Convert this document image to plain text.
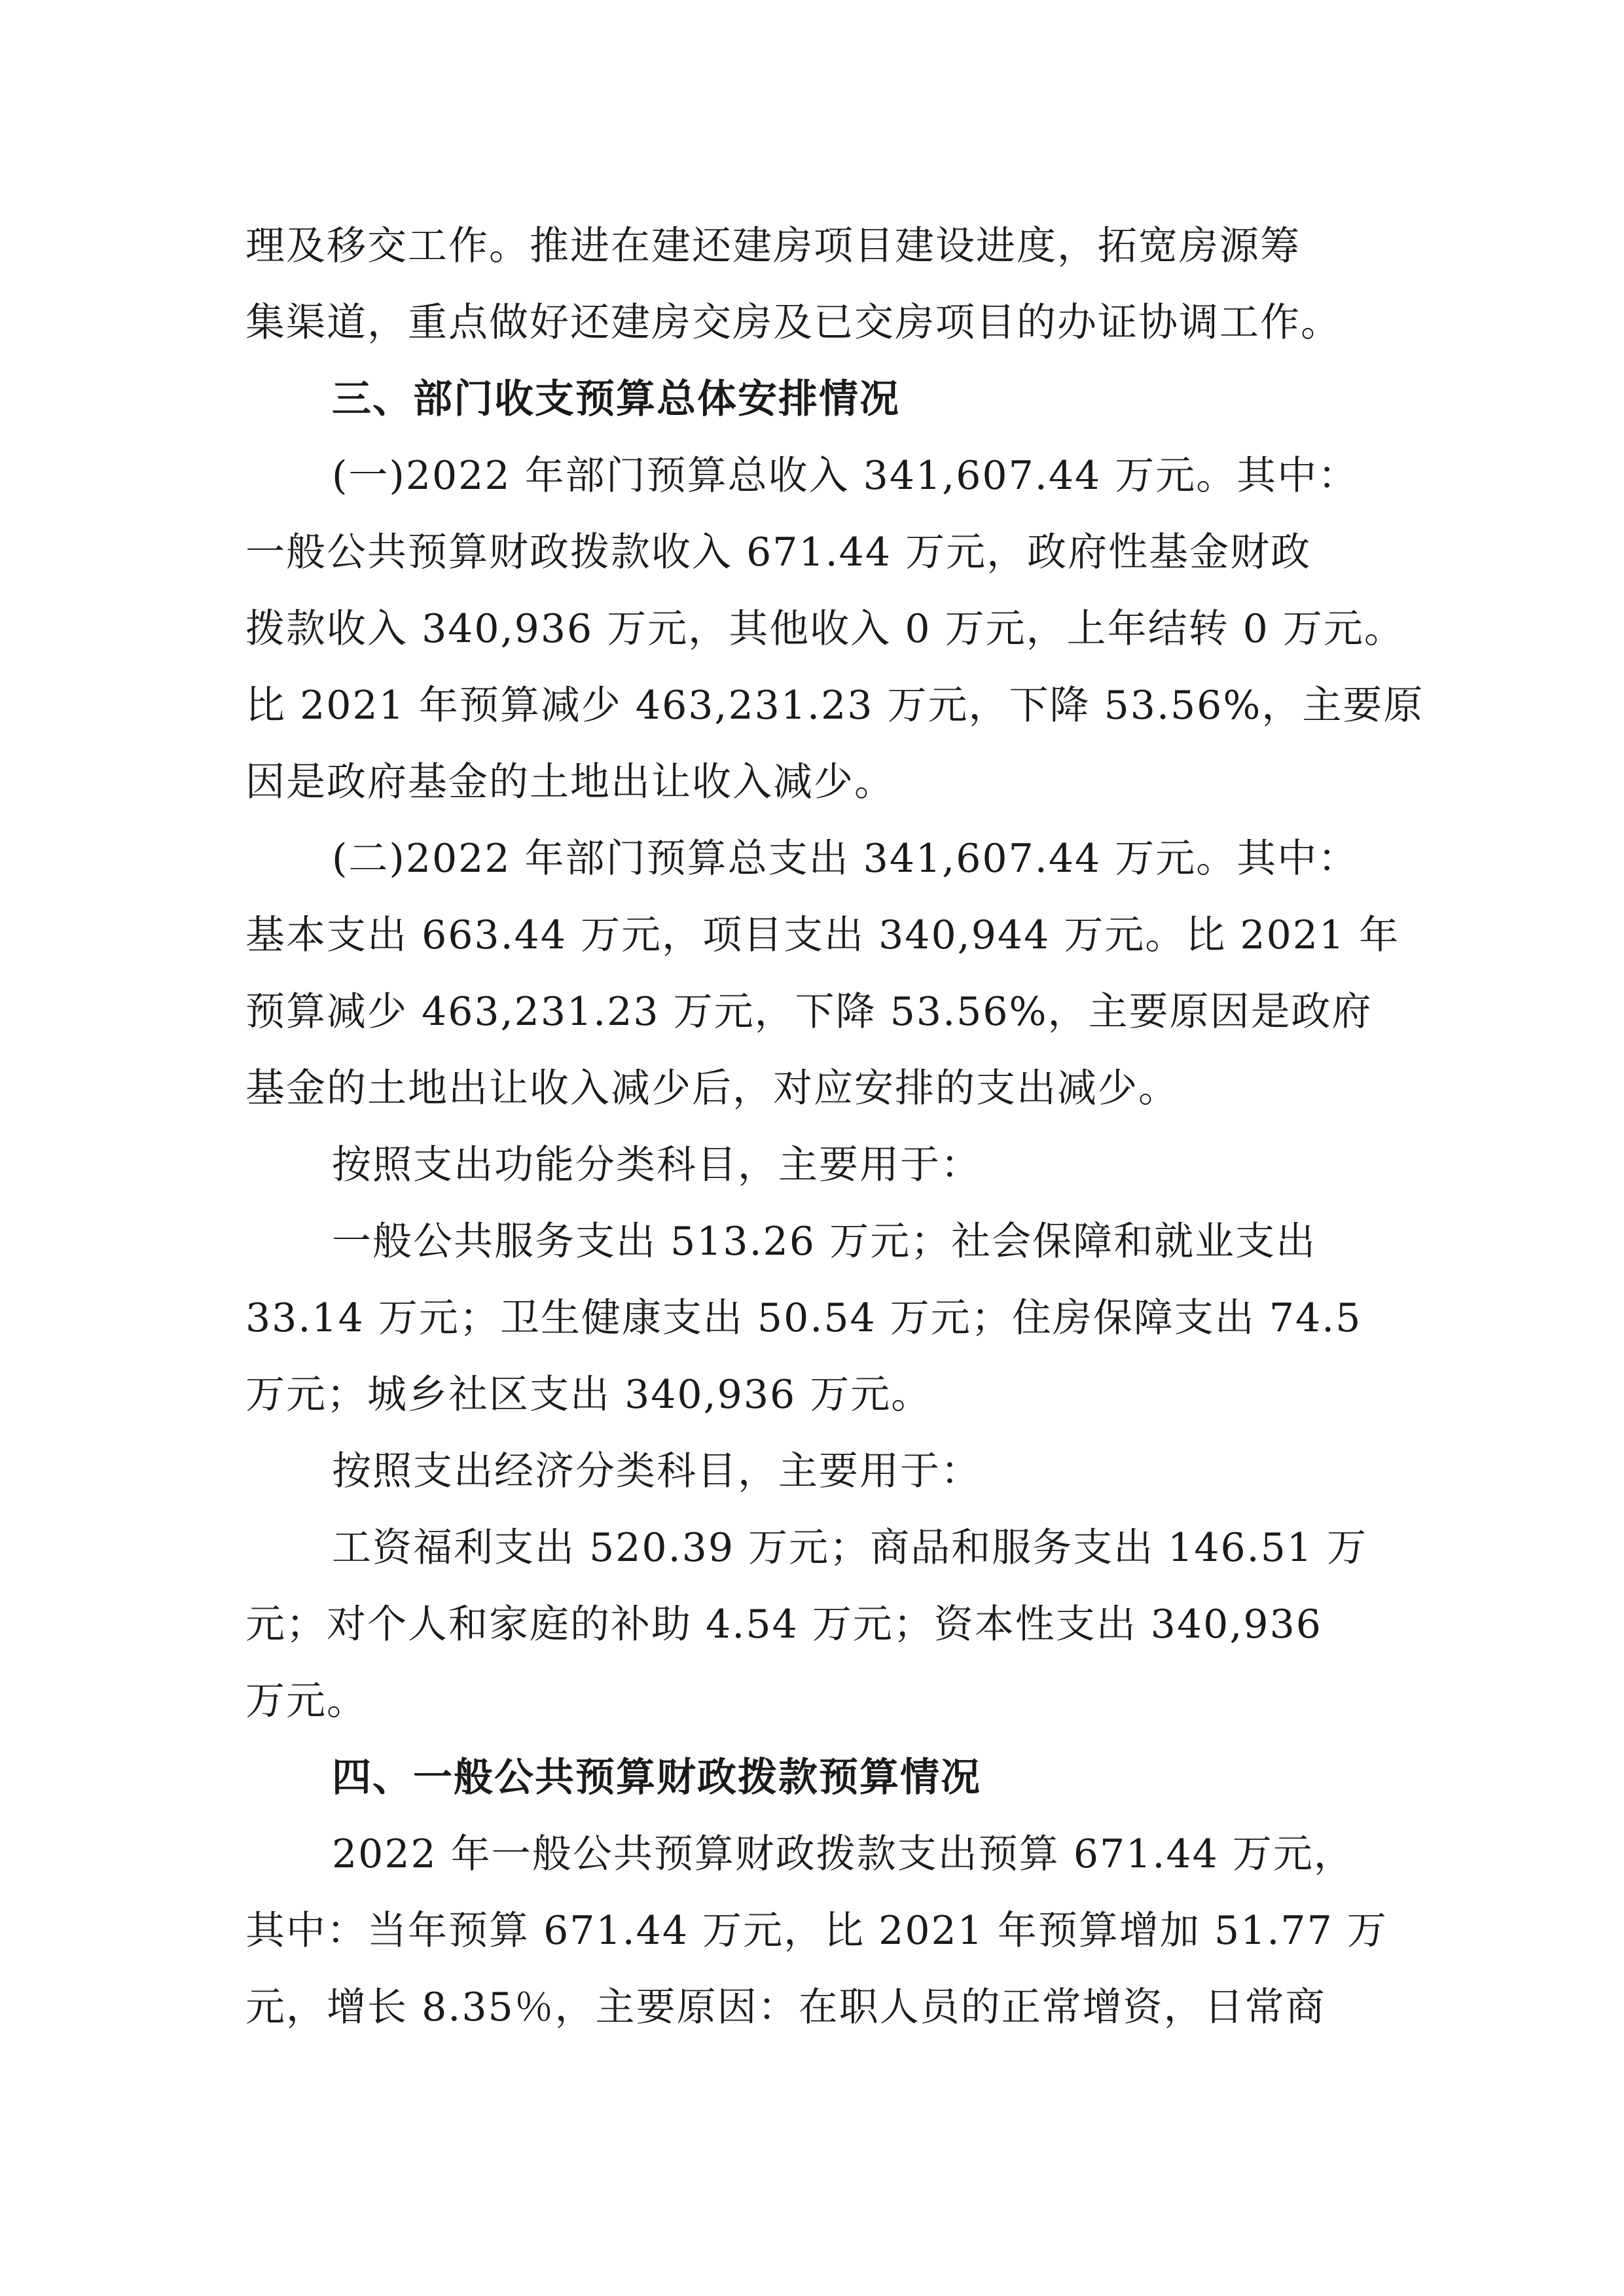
理及移交工作。推进在建还建房项目建设进度，拓宽房源筹
集渠道，重点做好还建房交房及已交房项目的办证协调工作。
三、部门收支预算总体安排情况
(一)2022 年部门预算总收入 341,607.44 万元。其中：
一般公共预算财政拨款收入 671.44 万元，政府性基金财政
拨款收入 340,936 万元，其他收入 0 万元，上年结转 0 万元。
比 2021 年预算减少 463,231.23 万元，下降 53.56%，主要原
因是政府基金的土地出让收入减少。
(二)2022 年部门预算总支出 341,607.44 万元。其中：
基本支出 663.44 万元，项目支出 340,944 万元。比 2021 年
预算减少 463,231.23 万元，下降 53.56%，主要原因是政府
基金的土地出让收入减少后，对应安排的支出减少。
按照支出功能分类科目，主要用于：
一般公共服务支出 513.26 万元；社会保障和就业支出
33.14 万元；卫生健康支出 50.54 万元；住房保障支出 74.5
万元；城乡社区支出 340,936 万元。
按照支出经济分类科目，主要用于：
工资福利支出 520.39 万元；商品和服务支出 146.51 万
元；对个人和家庭的补助 4.54 万元；资本性支出 340,936
万元。
四、一般公共预算财政拨款预算情况
2022 年一般公共预算财政拨款支出预算 671.44 万元，
其中：当年预算 671.44 万元，比 2021 年预算增加 51.77 万
元，增长 8.35％，主要原因：在职人员的正常增资，日常商
